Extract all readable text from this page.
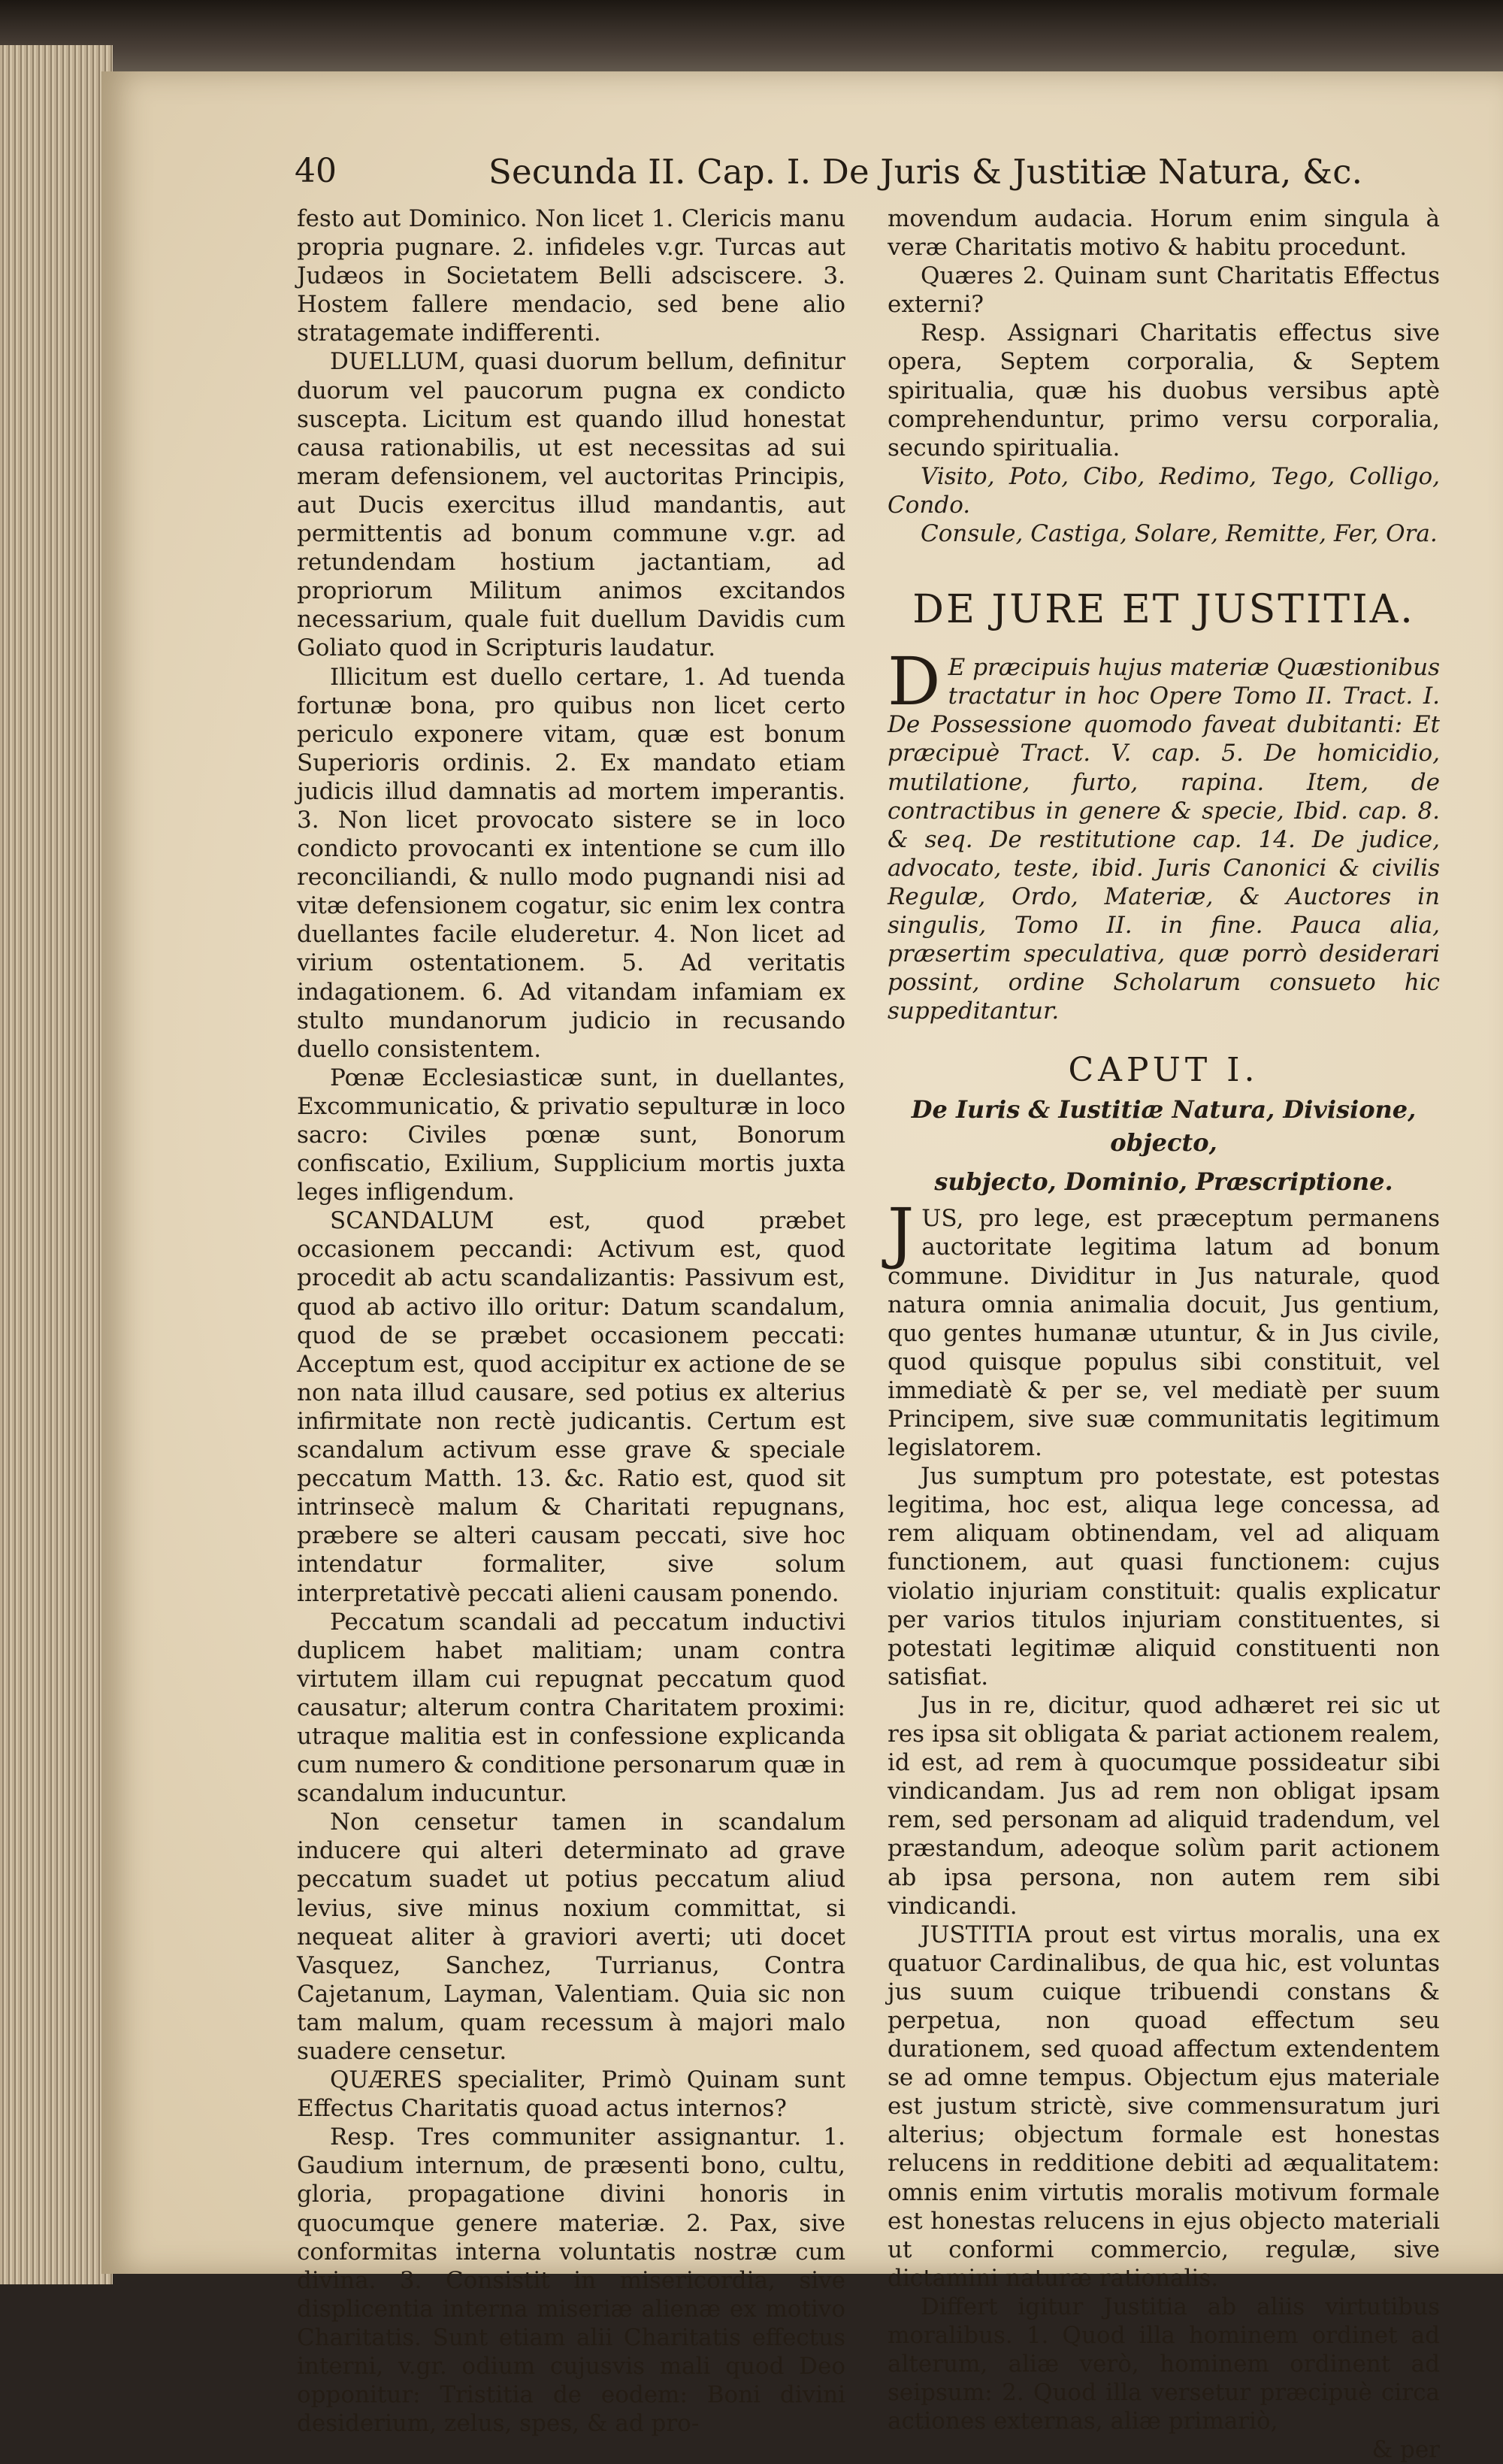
40	Secunda II. Cap. I. De Juris & Justitiæ Natura, &c.

festo aut Dominico. Non licet 1. Clericis manu propria pugnare. 2. infideles v.gr. Turcas aut Judæos in Societatem Belli adsciscere. 3. Hostem fallere mendacio, sed bene alio stratagemate indifferenti.

DUELLUM, quasi duorum bellum, definitur duorum vel paucorum pugna ex condicto suscepta. Licitum est quando illud honestat causa rationabilis, ut est necessitas ad sui meram defensionem, vel auctoritas Principis, aut Ducis exercitus illud mandantis, aut permittentis ad bonum commune v.gr. ad retundendam hostium jactantiam, ad propriorum Militum animos excitandos necessarium, quale fuit duellum Davidis cum Goliato quod in Scripturis laudatur.

Illicitum est duello certare, 1. Ad tuenda fortunæ bona, pro quibus non licet certo periculo exponere vitam, quæ est bonum Superioris ordinis. 2. Ex mandato etiam judicis illud damnatis ad mortem imperantis. 3. Non licet provocato sistere se in loco condicto provocanti ex intentione se cum illo reconciliandi, & nullo modo pugnandi nisi ad vitæ defensionem cogatur, sic enim lex contra duellantes facile eluderetur. 4. Non licet ad virium ostentationem. 5. Ad veritatis indagationem. 6. Ad vitandam infamiam ex stulto mundanorum judicio in recusando duello consistentem.

Pœnæ Ecclesiasticæ sunt, in duellantes, Excommunicatio, & privatio sepulturæ in loco sacro: Civiles pœnæ sunt, Bonorum confiscatio, Exilium, Supplicium mortis juxta leges infligendum.

SCANDALUM est, quod præbet occasionem peccandi: Activum est, quod procedit ab actu scandalizantis: Passivum est, quod ab activo illo oritur: Datum scandalum, quod de se præbet occasionem peccati: Acceptum est, quod accipitur ex actione de se non nata illud causare, sed potius ex alterius infirmitate non rectè judicantis. Certum est scandalum activum esse grave & speciale peccatum Matth. 13. &c. Ratio est, quod sit intrinsecè malum & Charitati repugnans, præbere se alteri causam peccati, sive hoc intendatur formaliter, sive solum interpretativè peccati alieni causam ponendo.

Peccatum scandali ad peccatum inductivi duplicem habet malitiam; unam contra virtutem illam cui repugnat peccatum quod causatur; alterum contra Charitatem proximi: utraque malitia est in confessione explicanda cum numero & conditione personarum quæ in scandalum inducuntur.

Non censetur tamen in scandalum inducere qui alteri determinato ad grave peccatum suadet ut potius peccatum aliud levius, sive minus noxium committat, si nequeat aliter à graviori averti; uti docet Vasquez, Sanchez, Turrianus, Contra Cajetanum, Layman, Valentiam. Quia sic non tam malum, quam recessum à majori malo suadere censetur.

QUÆRES specialiter, Primò Quinam sunt Effectus Charitatis quoad actus internos?

Resp. Tres communiter assignantur. 1. Gaudium internum, de præsenti bono, cultu, gloria, propagatione divini honoris in quocumque genere materiæ. 2. Pax, sive conformitas interna voluntatis nostræ cum divina. 3. Consistit in misericordia, sive displicentia interna miseriæ alienæ ex motivo Charitatis. Sunt etiam alii Charitatis effectus interni, v.gr. odium cujusvis mali quod Deo opponitur: Tristitia de eodem: Boni divini desiderium, zelus, spes, & ad pro-

movendum audacia. Horum enim singula à veræ Charitatis motivo & habitu procedunt.

Quæres 2. Quinam sunt Charitatis Effectus externi?

Resp. Assignari Charitatis effectus sive opera, Septem corporalia, & Septem spiritualia, quæ his duobus versibus aptè comprehenduntur, primo versu corporalia, secundo spiritualia.

Visito, Poto, Cibo, Redimo, Tego, Colligo, Condo.

Consule, Castiga, Solare, Remitte, Fer, Ora.

DE JURE ET JUSTITIA.

D E præcipuis hujus materiæ Quæstionibus tractatur in hoc Opere Tomo II. Tract. I. De Possessione quomodo faveat dubitanti: Et præcipuè Tract. V. cap. 5. De homicidio, mutilatione, furto, rapina. Item, de contractibus in genere & specie, Ibid. cap. 8. & seq. De restitutione cap. 14. De judice, advocato, teste, ibid. Juris Canonici & civilis Regulæ, Ordo, Materiæ, & Auctores in singulis, Tomo II. in fine. Pauca alia, præsertim speculativa, quæ porrò desiderari possint, ordine Scholarum consueto hic suppeditantur.

CAPUT I.
De Iuris & Iustitiæ Natura, Divisione, objecto,
subjecto, Dominio, Præscriptione.

JUS, pro lege, est præceptum permanens auctoritate legitima latum ad bonum commune. Dividitur in Jus naturale, quod natura omnia animalia docuit, Jus gentium, quo gentes humanæ utuntur, & in Jus civile, quod quisque populus sibi constituit, vel immediatè & per se, vel mediatè per suum Principem, sive suæ communitatis legitimum legislatorem.

Jus sumptum pro potestate, est potestas legitima, hoc est, aliqua lege concessa, ad rem aliquam obtinendam, vel ad aliquam functionem, aut quasi functionem: cujus violatio injuriam constituit: qualis explicatur per varios titulos injuriam constituentes, si potestati legitimæ aliquid constituenti non satisfiat.

Jus in re, dicitur, quod adhæret rei sic ut res ipsa sit obligata & pariat actionem realem, id est, ad rem à quocumque possideatur sibi vindicandam. Jus ad rem non obligat ipsam rem, sed personam ad aliquid tradendum, vel præstandum, adeoque solùm parit actionem ab ipsa persona, non autem rem sibi vindicandi.

JUSTITIA prout est virtus moralis, una ex quatuor Cardinalibus, de qua hic, est voluntas jus suum cuique tribuendi constans & perpetua, non quoad effectum seu durationem, sed quoad affectum extendentem se ad omne tempus. Objectum ejus materiale est justum strictè, sive commensuratum juri alterius; objectum formale est honestas relucens in redditione debiti ad æqualitatem: omnis enim virtutis moralis motivum formale est honestas relucens in ejus objecto materiali ut conformi commercio, regulæ, sive dictamini naturæ rationalis.

Differt igitur Justitia ab aliis virtutibus moralibus. 1. Quod illa hominem ordinet ad alterum, aliæ verò, hominem ordinent ad seipsum: 2. Quod illa versetur præcipuè circa actiones externas, aliæ primariò,

& per
